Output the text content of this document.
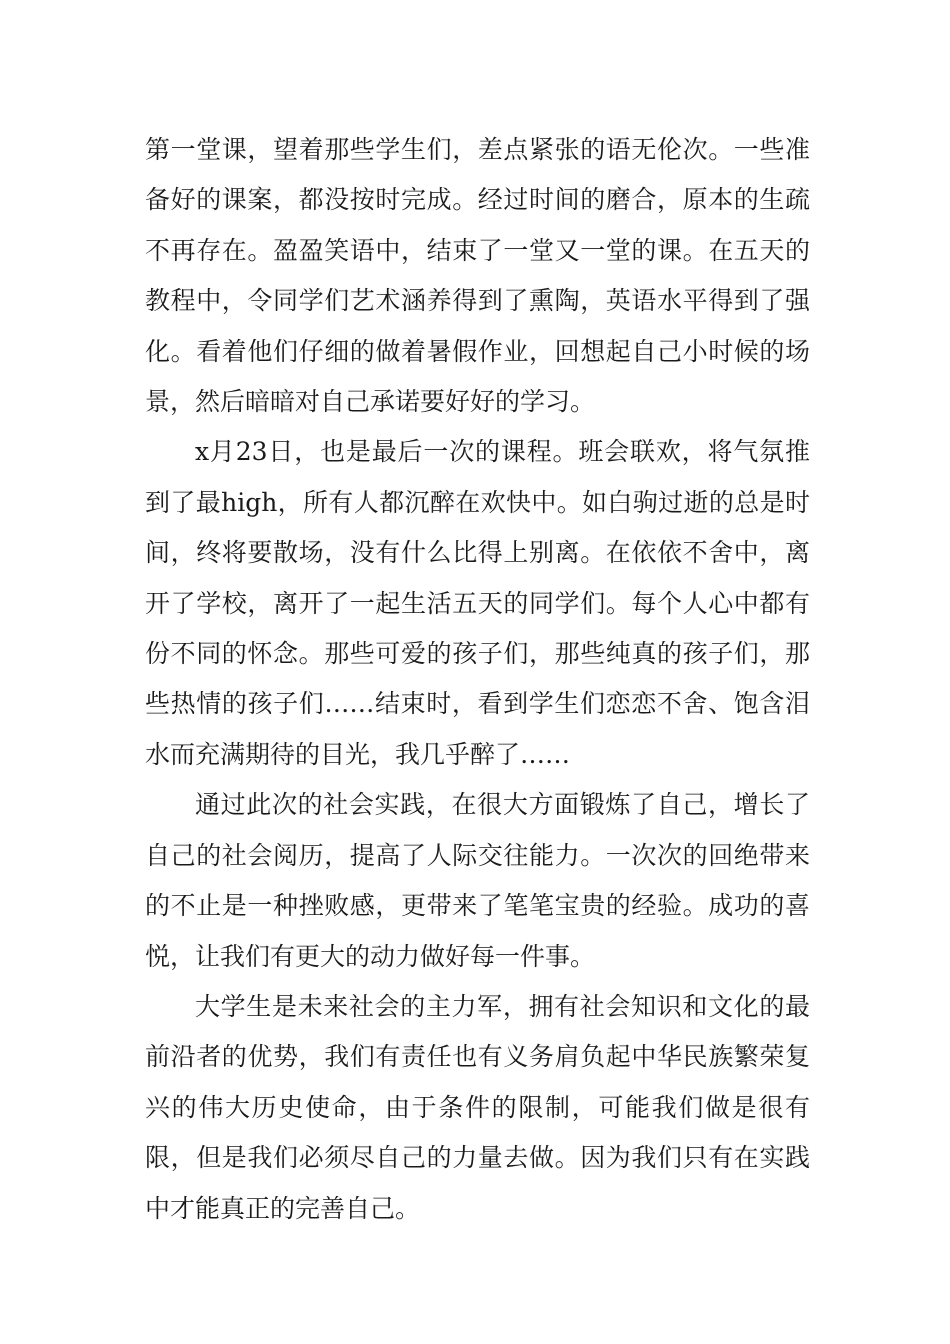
第一堂课，望着那些学生们，差点紧张的语无伦次。一些准备好的课案，都没按时完成。经过时间的磨合，原本的生疏不再存在。盈盈笑语中，结束了一堂又一堂的课。在五天的教程中，令同学们艺术涵养得到了熏陶，英语水平得到了强化。看着他们仔细的做着暑假作业，回想起自己小时候的场景，然后暗暗对自己承诺要好好的学习。

x月23日，也是最后一次的课程。班会联欢，将气氛推到了最high，所有人都沉醉在欢快中。如白驹过逝的总是时间，终将要散场，没有什么比得上别离。在依依不舍中，离开了学校，离开了一起生活五天的同学们。每个人心中都有份不同的怀念。那些可爱的孩子们，那些纯真的孩子们，那些热情的孩子们……结束时，看到学生们恋恋不舍、饱含泪水而充满期待的目光，我几乎醉了……

通过此次的社会实践，在很大方面锻炼了自己，增长了自己的社会阅历，提高了人际交往能力。一次次的回绝带来的不止是一种挫败感，更带来了笔笔宝贵的经验。成功的喜悦，让我们有更大的动力做好每一件事。

大学生是未来社会的主力军，拥有社会知识和文化的最前沿者的优势，我们有责任也有义务肩负起中华民族繁荣复兴的伟大历史使命，由于条件的限制，可能我们做是很有限，但是我们必须尽自己的力量去做。因为我们只有在实践中才能真正的完善自己。
